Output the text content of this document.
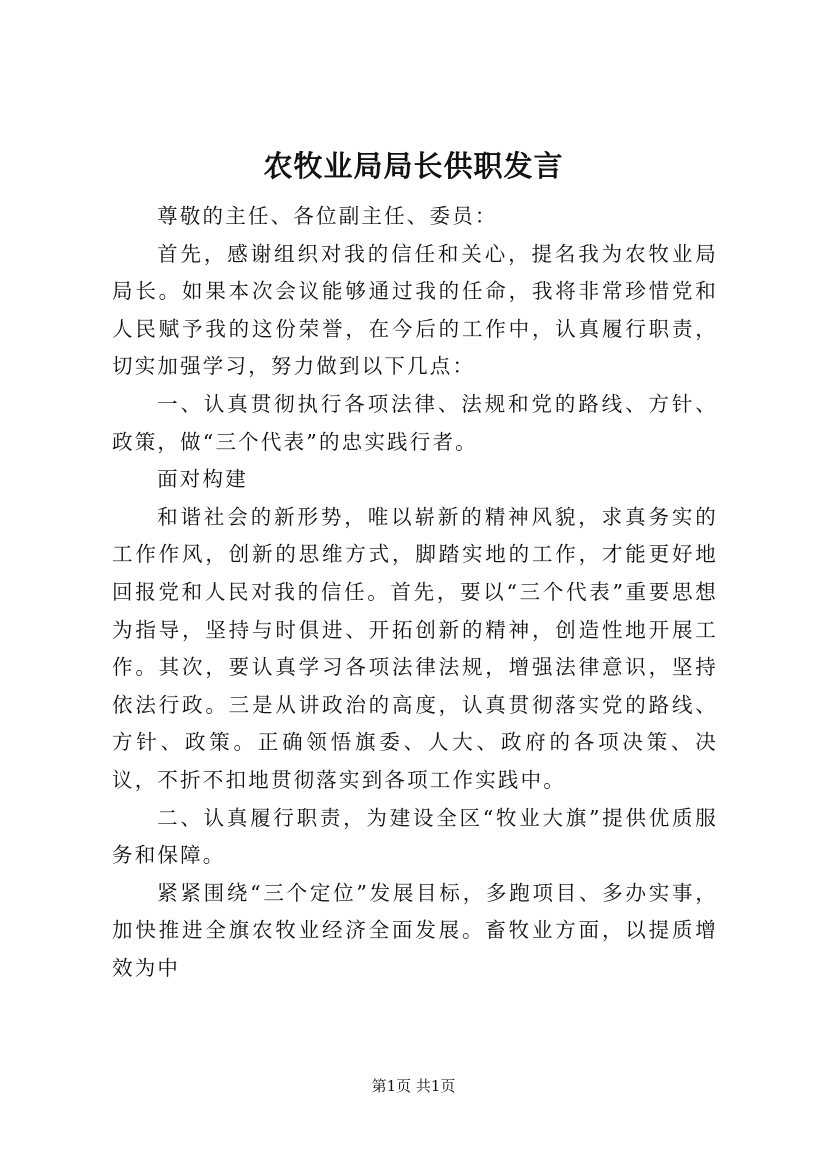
农牧业局局长供职发言

尊敬的主任、各位副主任、委员：

首先，感谢组织对我的信任和关心，提名我为农牧业局局长。如果本次会议能够通过我的任命，我将非常珍惜党和人民赋予我的这份荣誉，在今后的工作中，认真履行职责，切实加强学习，努力做到以下几点：

一、认真贯彻执行各项法律、法规和党的路线、方针、政策，做“三个代表”的忠实践行者。

面对构建

和谐社会的新形势，唯以崭新的精神风貌，求真务实的工作作风，创新的思维方式，脚踏实地的工作，才能更好地回报党和人民对我的信任。首先，要以“三个代表”重要思想为指导，坚持与时俱进、开拓创新的精神，创造性地开展工作。其次，要认真学习各项法律法规，增强法律意识，坚持依法行政。三是从讲政治的高度，认真贯彻落实党的路线、方针、政策。正确领悟旗委、人大、政府的各项决策、决议，不折不扣地贯彻落实到各项工作实践中。

二、认真履行职责，为建设全区“牧业大旗”提供优质服务和保障。

紧紧围绕“三个定位”发展目标，多跑项目、多办实事，加快推进全旗农牧业经济全面发展。畜牧业方面，以提质增效为中

第1页 共1页
